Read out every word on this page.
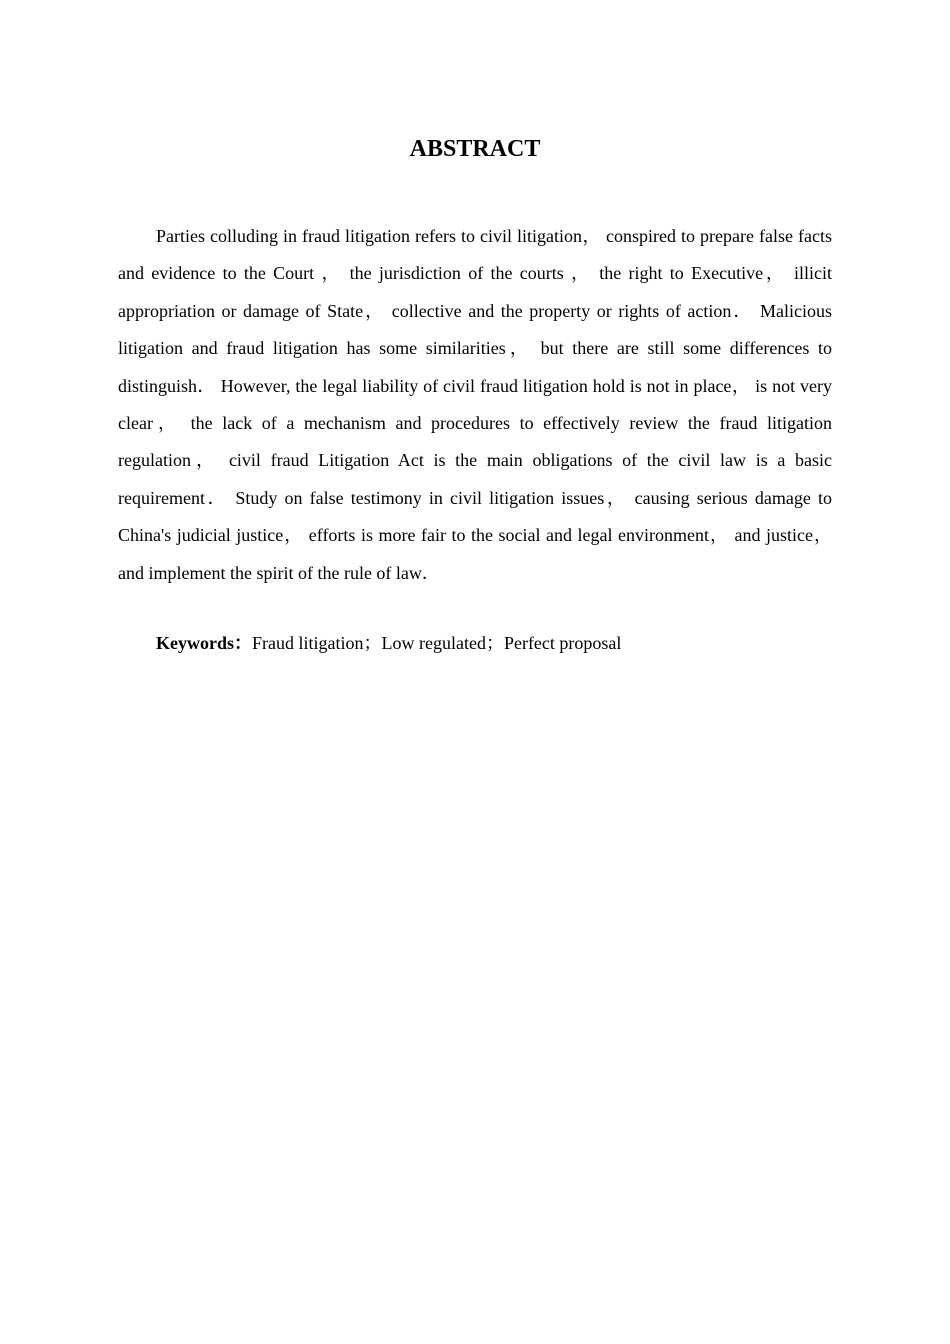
ABSTRACT

Parties colluding in fraud litigation refers to civil litigation， conspired to prepare false facts and evidence to the Court ， the jurisdiction of the courts ， the right to Executive， illicit appropriation or damage of State， collective and the property or rights of action． Malicious litigation and fraud litigation has some similarities， but there are still some differences to distinguish． However, the legal liability of civil fraud litigation hold is not in place， is not very clear， the lack of a mechanism and procedures to effectively review the fraud litigation regulation， civil fraud Litigation Act is the main obligations of the civil law is a basic requirement． Study on false testimony in civil litigation issues， causing serious damage to China's judicial justice， efforts is more fair to the social and legal environment， and justice， and implement the spirit of the rule of law．

Keywords：Fraud litigation；Low regulated；Perfect proposal
